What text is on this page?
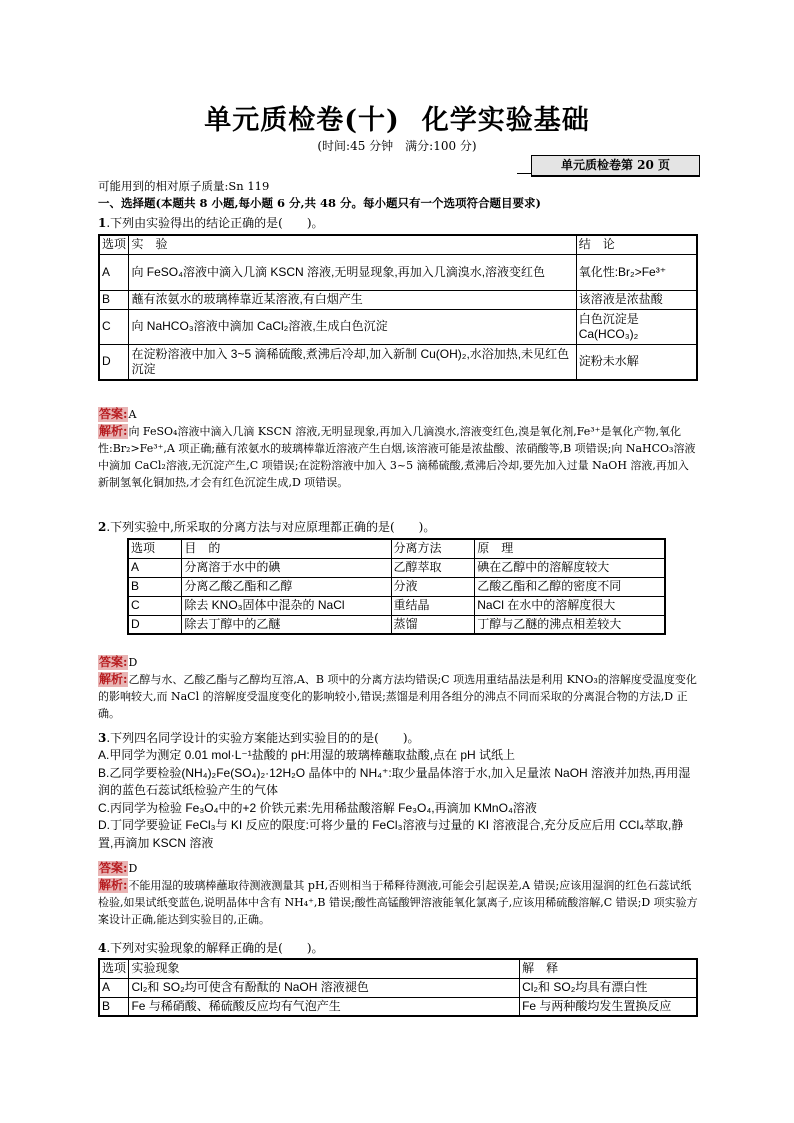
单元质检卷(十) 化学实验基础
(时间:45 分钟　满分:100 分)
单元质检卷第 20 页
可能用到的相对原子质量:Sn 119
一、选择题(本题共 8 小题,每小题 6 分,共 48 分。每小题只有一个选项符合题目要求)
1.下列由实验得出的结论正确的是(　　)。
选项	实　验	结　论
A	向 FeSO₄溶液中滴入几滴 KSCN 溶液,无明显现象,再加入几滴溴水,溶液变红色	氧化性:Br₂>Fe³⁺
B	蘸有浓氨水的玻璃棒靠近某溶液,有白烟产生	该溶液是浓盐酸
C	向 NaHCO₃溶液中滴加 CaCl₂溶液,生成白色沉淀	白色沉淀是 Ca(HCO₃)₂
D	在淀粉溶液中加入 3~5 滴稀硫酸,煮沸后冷却,加入新制 Cu(OH)₂,水浴加热,未见红色沉淀	淀粉未水解
答案:A
解析:向 FeSO₄溶液中滴入几滴 KSCN 溶液,无明显现象,再加入几滴溴水,溶液变红色,溴是氧化剂,Fe³⁺是氧化产物,氧化性:Br₂>Fe³⁺,A 项正确;蘸有浓氨水的玻璃棒靠近溶液产生白烟,该溶液可能是浓盐酸、浓硝酸等,B 项错误;向 NaHCO₃溶液中滴加 CaCl₂溶液,无沉淀产生,C 项错误;在淀粉溶液中加入 3~5 滴稀硫酸,煮沸后冷却,要先加入过量 NaOH 溶液,再加入新制氢氧化铜加热,才会有红色沉淀生成,D 项错误。
2.下列实验中,所采取的分离方法与对应原理都正确的是(　　)。
选项	目　的	分离方法	原　理
A	分离溶于水中的碘	乙醇萃取	碘在乙醇中的溶解度较大
B	分离乙酸乙酯和乙醇	分液	乙酸乙酯和乙醇的密度不同
C	除去 KNO₃固体中混杂的 NaCl	重结晶	NaCl 在水中的溶解度很大
D	除去丁醇中的乙醚	蒸馏	丁醇与乙醚的沸点相差较大
答案:D
解析:乙醇与水、乙酸乙酯与乙醇均互溶,A、B 项中的分离方法均错误;C 项选用重结晶法是利用 KNO₃的溶解度受温度变化的影响较大,而 NaCl 的溶解度受温度变化的影响较小,错误;蒸馏是利用各组分的沸点不同而采取的分离混合物的方法,D 正确。
3.下列四名同学设计的实验方案能达到实验目的的是(　　)。
A.甲同学为测定 0.01 mol·L⁻¹盐酸的 pH:用湿的玻璃棒蘸取盐酸,点在 pH 试纸上
B.乙同学要检验(NH₄)₂Fe(SO₄)₂·12H₂O 晶体中的 NH₄⁺:取少量晶体溶于水,加入足量浓 NaOH 溶液并加热,再用湿润的蓝色石蕊试纸检验产生的气体
C.丙同学为检验 Fe₃O₄中的+2 价铁元素:先用稀盐酸溶解 Fe₃O₄,再滴加 KMnO₄溶液
D.丁同学要验证 FeCl₃与 KI 反应的限度:可将少量的 FeCl₃溶液与过量的 KI 溶液混合,充分反应后用 CCl₄萃取,静置,再滴加 KSCN 溶液
答案:D
解析:不能用湿的玻璃棒蘸取待测液测量其 pH,否则相当于稀释待测液,可能会引起误差,A 错误;应该用湿润的红色石蕊试纸检验,如果试纸变蓝色,说明晶体中含有 NH₄⁺,B 错误;酸性高锰酸钾溶液能氧化氯离子,应该用稀硫酸溶解,C 错误;D 项实验方案设计正确,能达到实验目的,正确。
4.下列对实验现象的解释正确的是(　　)。
选项	实验现象	解　释
A	Cl₂和 SO₂均可使含有酚酞的 NaOH 溶液褪色	Cl₂和 SO₂均具有漂白性
B	Fe 与稀硝酸、稀硫酸反应均有气泡产生	Fe 与两种酸均发生置换反应
